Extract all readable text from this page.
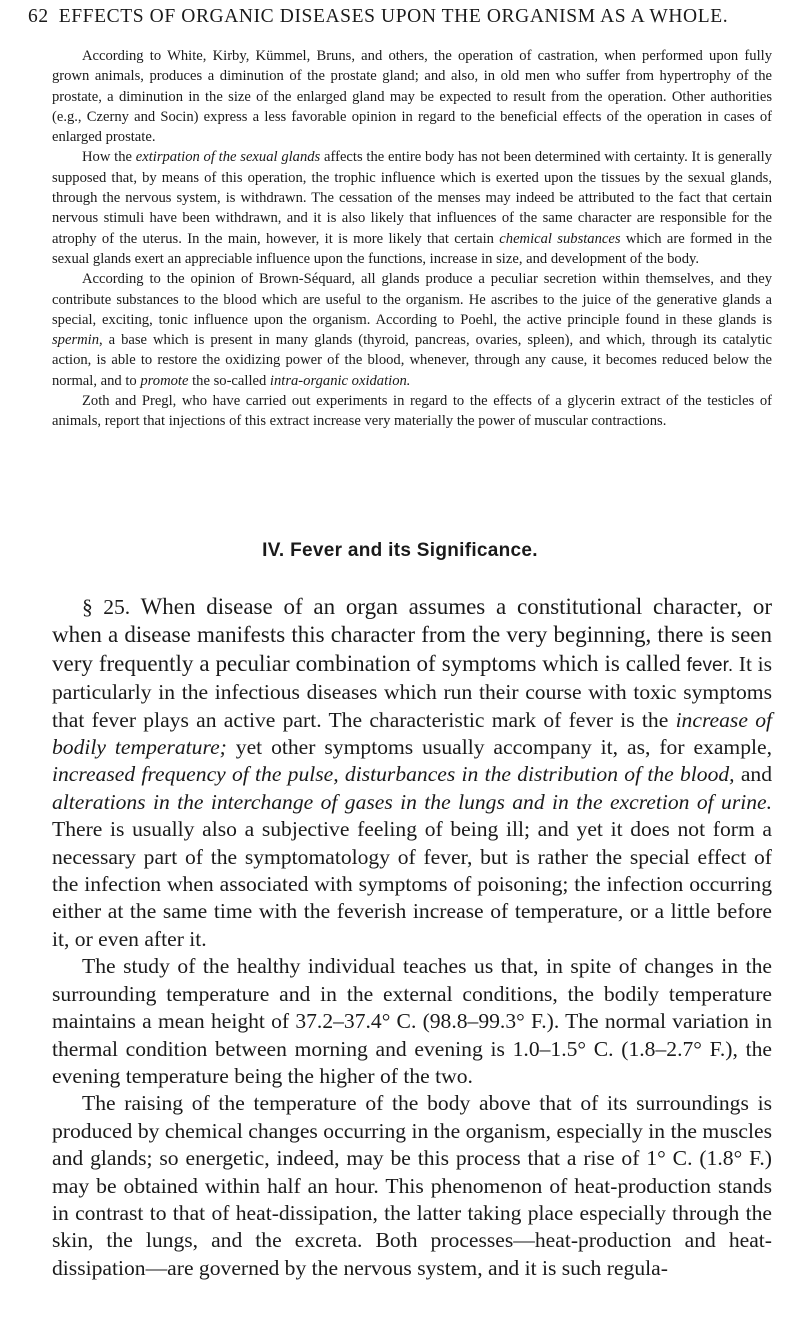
62 EFFECTS OF ORGANIC DISEASES UPON THE ORGANISM AS A WHOLE.

According to White, Kirby, Kümmel, Bruns, and others, the operation of castration, when performed upon fully grown animals, produces a diminution of the prostate gland; and also, in old men who suffer from hypertrophy of the prostate, a diminution in the size of the enlarged gland may be expected to result from the operation. Other authorities (e.g., Czerny and Socin) express a less favorable opinion in regard to the beneficial effects of the operation in cases of enlarged prostate.

How the extirpation of the sexual glands affects the entire body has not been determined with certainty. It is generally supposed that, by means of this operation, the trophic influence which is exerted upon the tissues by the sexual glands, through the nervous system, is withdrawn. The cessation of the menses may indeed be attributed to the fact that certain nervous stimuli have been withdrawn, and it is also likely that influences of the same character are responsible for the atrophy of the uterus. In the main, however, it is more likely that certain chemical substances which are formed in the sexual glands exert an appreciable influence upon the functions, increase in size, and development of the body.

According to the opinion of Brown-Séquard, all glands produce a peculiar secretion within themselves, and they contribute substances to the blood which are useful to the organism. He ascribes to the juice of the generative glands a special, exciting, tonic influence upon the organism. According to Poehl, the active principle found in these glands is spermin, a base which is present in many glands (thyroid, pancreas, ovaries, spleen), and which, through its catalytic action, is able to restore the oxidizing power of the blood, whenever, through any cause, it becomes reduced below the normal, and to promote the so-called intra-organic oxidation.

Zoth and Pregl, who have carried out experiments in regard to the effects of a glycerin extract of the testicles of animals, report that injections of this extract increase very materially the power of muscular contractions.

IV. Fever and its Significance.

§ 25. When disease of an organ assumes a constitutional character, or when a disease manifests this character from the very beginning, there is seen very frequently a peculiar combination of symptoms which is called fever. It is particularly in the infectious diseases which run their course with toxic symptoms that fever plays an active part. The characteristic mark of fever is the increase of bodily temperature; yet other symptoms usually accompany it, as, for example, increased frequency of the pulse, disturbances in the distribution of the blood, and alterations in the interchange of gases in the lungs and in the excretion of urine. There is usually also a subjective feeling of being ill; and yet it does not form a necessary part of the symptomatology of fever, but is rather the special effect of the infection when associated with symptoms of poisoning; the infection occurring either at the same time with the feverish increase of temperature, or a little before it, or even after it.

The study of the healthy individual teaches us that, in spite of changes in the surrounding temperature and in the external conditions, the bodily temperature maintains a mean height of 37.2–37.4° C. (98.8–99.3° F.). The normal variation in thermal condition between morning and evening is 1.0–1.5° C. (1.8–2.7° F.), the evening temperature being the higher of the two.

The raising of the temperature of the body above that of its surroundings is produced by chemical changes occurring in the organism, especially in the muscles and glands; so energetic, indeed, may be this process that a rise of 1° C. (1.8° F.) may be obtained within half an hour. This phenomenon of heat-production stands in contrast to that of heat-dissipation, the latter taking place especially through the skin, the lungs, and the excreta. Both processes—heat-production and heat-dissipation—are governed by the nervous system, and it is such regula-
